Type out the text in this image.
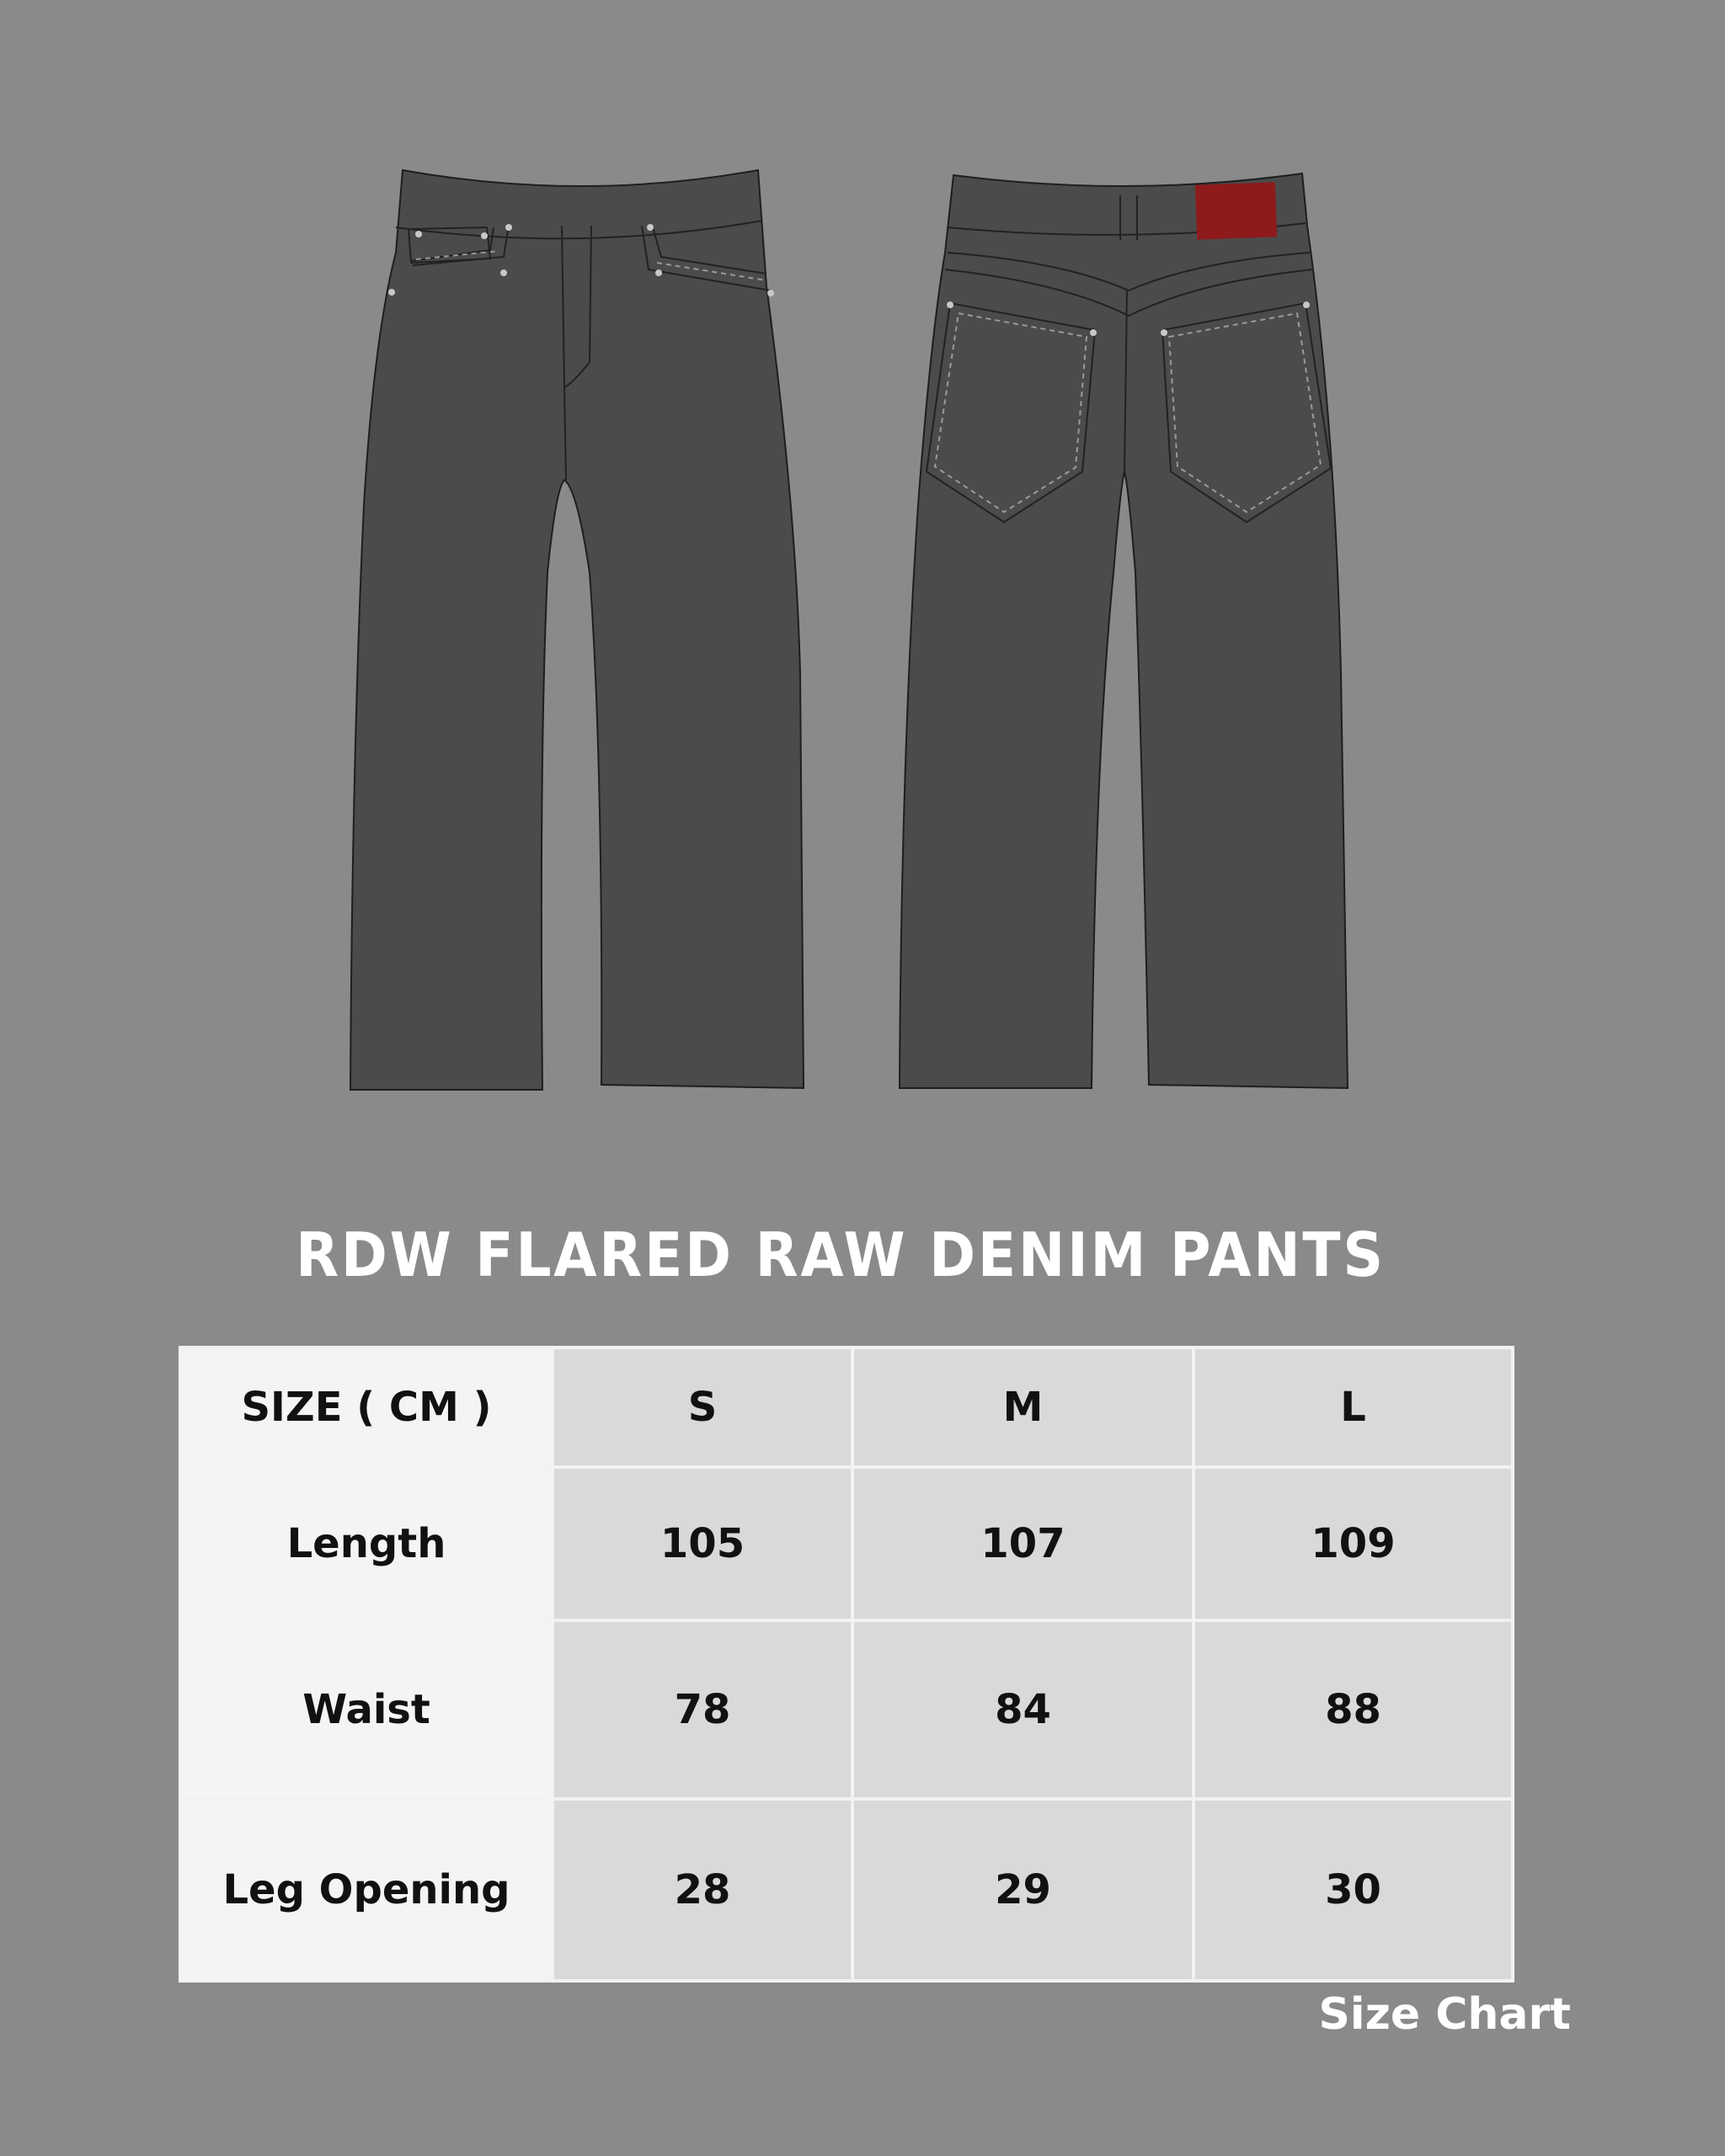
RDW FLARED RAW DENIM PANTS
SIZE ( CM )	S	M	L
Length	105	107	109
Waist	78	84	88
Leg Opening	28	29	30
Size Chart
